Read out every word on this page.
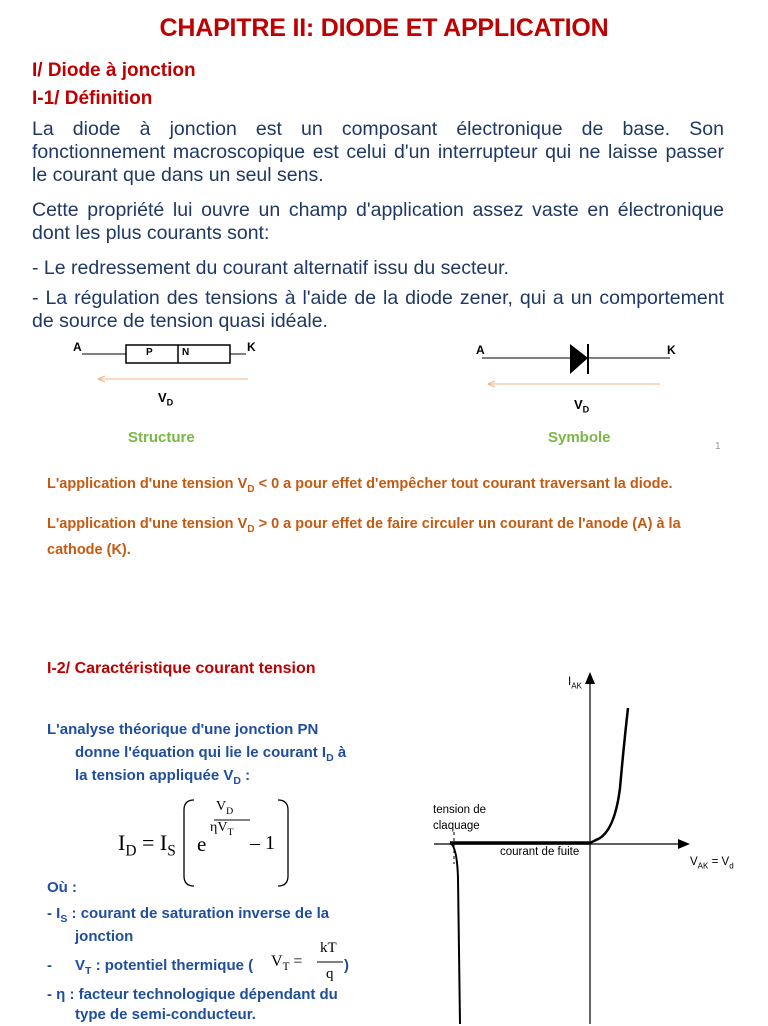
CHAPITRE II: DIODE ET APPLICATION
I/ Diode à jonction
I-1/ Définition
La diode à jonction est un composant électronique de base. Son fonctionnement macroscopique est celui d'un interrupteur qui ne laisse passer le courant que dans un seul sens.
Cette propriété lui ouvre un champ d'application assez vaste en électronique dont les plus courants sont:
- Le redressement du courant alternatif issu du secteur.
- La régulation des tensions à l'aide de la diode zener, qui a un comportement de source de tension quasi idéale.
A	K
P	N
$V_D$
Structure
A	K
$V_D$
Symbole
1
L'application d'une tension $V_D < 0$ a pour effet d'empêcher tout courant traversant la diode.
L'application d'une tension $V_D > 0$ a pour effet de faire circuler un courant de l'anode (A) à la cathode (K).
I-2/ Caractéristique courant tension
L'analyse théorique d'une jonction PN
donne l'équation qui lie le courant $I_D$ à
la tension appliquée $V_D$ :
$I_D = I_S$ e
$V_D$
$\eta V_T - 1$
Où :
- $I_S$ : courant de saturation inverse de la
jonction
- $V_T$ : potentiel thermique ( $V_T$ =
kT
q )
- η : facteur technologique dépendant du
type de semi-conducteur.
$I_{AK}$
$V_{AK} = V_d$
tension de
claquage
courant de fuite
